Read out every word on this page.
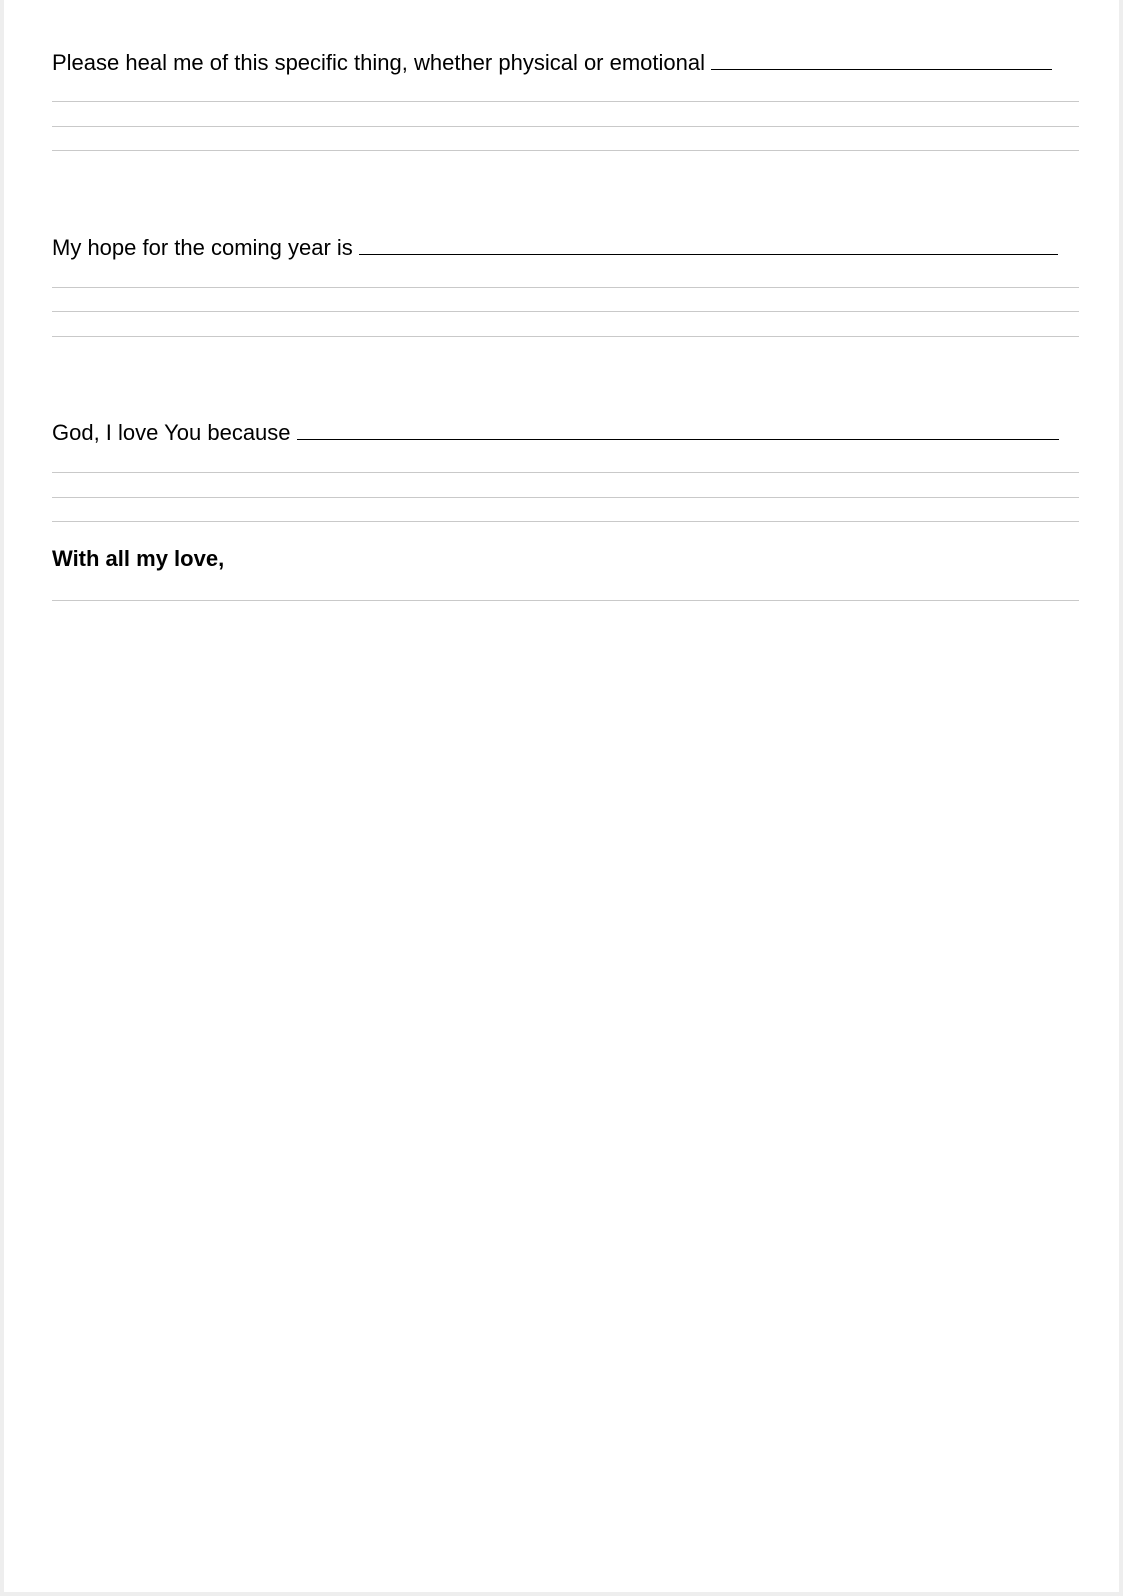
Please heal me of this specific thing, whether physical or emotional

My hope for the coming year is

God, I love You because

With all my love,
